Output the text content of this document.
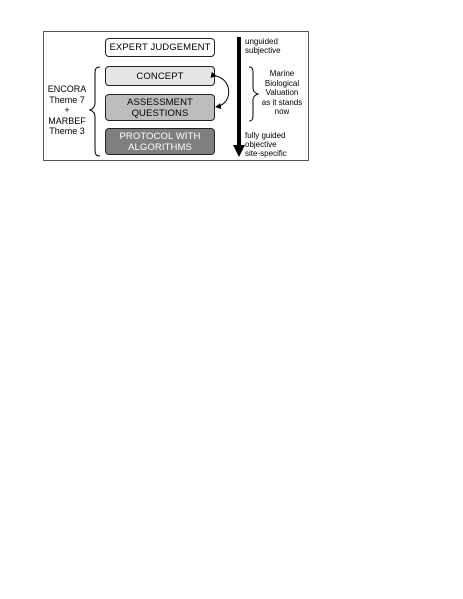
EXPERT JUDGEMENT
CONCEPT
ASSESSMENT
QUESTIONS
PROTOCOL WITH
ALGORITHMS
ENCORA
Theme 7
+
MARBEF
Theme 3
unguided
subjective
fully guided
objective
site-specific
Marine
Biological
Valuation
as it stands
now
